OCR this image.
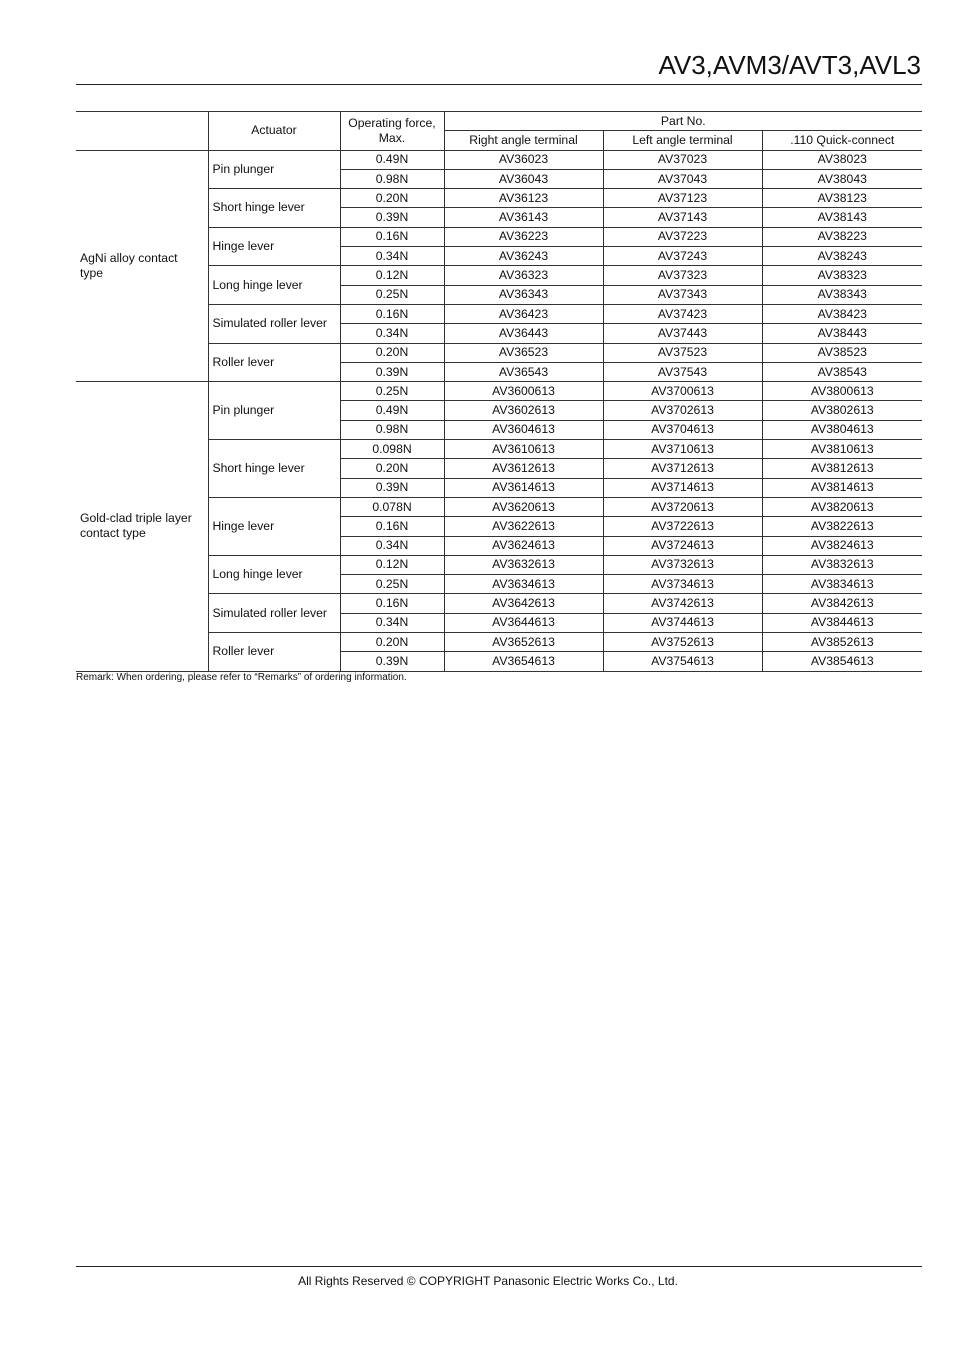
AV3,AVM3/AVT3,AVL3
	Actuator	Operating force,
Max.	Part No.		
			Right angle terminal	Left angle terminal	.110 Quick-connect
AgNi alloy contact
type	Pin plunger	0.49N	AV36023	AV37023	AV38023
		0.98N	AV36043	AV37043	AV38043
	Short hinge lever	0.20N	AV36123	AV37123	AV38123
		0.39N	AV36143	AV37143	AV38143
	Hinge lever	0.16N	AV36223	AV37223	AV38223
		0.34N	AV36243	AV37243	AV38243
	Long hinge lever	0.12N	AV36323	AV37323	AV38323
		0.25N	AV36343	AV37343	AV38343
	Simulated roller lever	0.16N	AV36423	AV37423	AV38423
		0.34N	AV36443	AV37443	AV38443
	Roller lever	0.20N	AV36523	AV37523	AV38523
		0.39N	AV36543	AV37543	AV38543
Gold-clad triple layer
contact type	Pin plunger	0.25N	AV3600613	AV3700613	AV3800613
		0.49N	AV3602613	AV3702613	AV3802613
		0.98N	AV3604613	AV3704613	AV3804613
	Short hinge lever	0.098N	AV3610613	AV3710613	AV3810613
		0.20N	AV3612613	AV3712613	AV3812613
		0.39N	AV3614613	AV3714613	AV3814613
	Hinge lever	0.078N	AV3620613	AV3720613	AV3820613
		0.16N	AV3622613	AV3722613	AV3822613
		0.34N	AV3624613	AV3724613	AV3824613
	Long hinge lever	0.12N	AV3632613	AV3732613	AV3832613
		0.25N	AV3634613	AV3734613	AV3834613
	Simulated roller lever	0.16N	AV3642613	AV3742613	AV3842613
		0.34N	AV3644613	AV3744613	AV3844613
	Roller lever	0.20N	AV3652613	AV3752613	AV3852613
		0.39N	AV3654613	AV3754613	AV3854613
Remark: When ordering, please refer to “Remarks” of ordering information.
All Rights Reserved © COPYRIGHT Panasonic Electric Works Co., Ltd.
